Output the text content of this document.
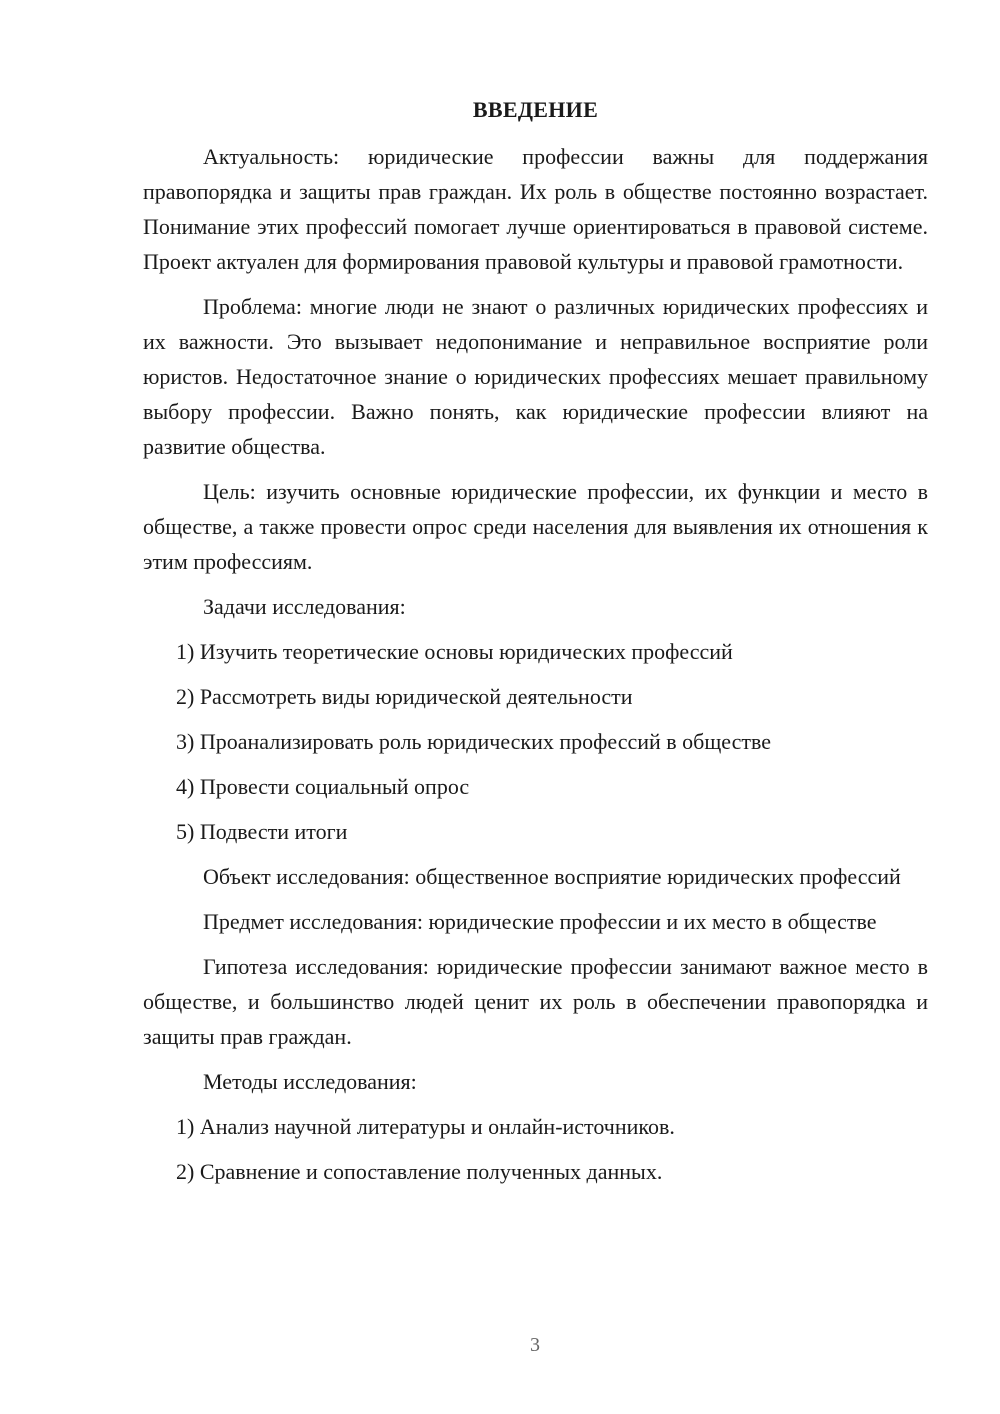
ВВЕДЕНИЕ

Актуальность: юридические профессии важны для поддержания правопорядка и защиты прав граждан. Их роль в обществе постоянно возрастает. Понимание этих профессий помогает лучше ориентироваться в правовой системе. Проект актуален для формирования правовой культуры и правовой грамотности.

Проблема: многие люди не знают о различных юридических профессиях и их важности. Это вызывает недопонимание и неправильное восприятие роли юристов. Недостаточное знание о юридических профессиях мешает правильному выбору профессии. Важно понять, как юридические профессии влияют на развитие общества.

Цель: изучить основные юридические профессии, их функции и место в обществе, а также провести опрос среди населения для выявления их отношения к этим профессиям.

Задачи исследования:
1) Изучить теоретические основы юридических профессий
2) Рассмотреть виды юридической деятельности
3) Проанализировать роль юридических профессий в обществе
4) Провести социальный опрос
5) Подвести итоги

Объект исследования: общественное восприятие юридических профессий

Предмет исследования: юридические профессии и их место в обществе

Гипотеза исследования: юридические профессии занимают важное место в обществе, и большинство людей ценит их роль в обеспечении правопорядка и защиты прав граждан.

Методы исследования:
1) Анализ научной литературы и онлайн-источников.
2) Сравнение и сопоставление полученных данных.
3
